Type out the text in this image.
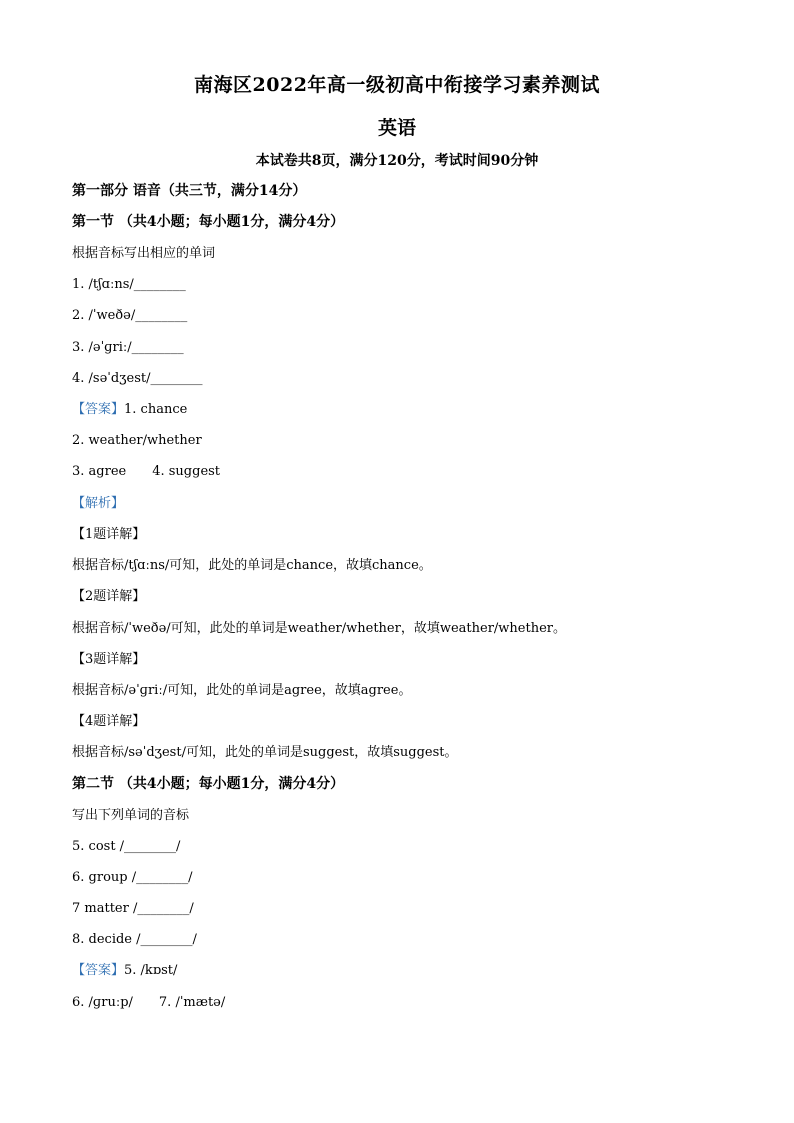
南海区2022年高一级初高中衔接学习素养测试
英语
本试卷共8页，满分120分，考试时间90分钟
第一部分 语音（共三节，满分14分）
第一节 （共4小题；每小题1分，满分4分）
根据音标写出相应的单词
1. /tʃɑːns/________
2. /ˈweðə/________
3. /əˈɡriː/________
4. /səˈdʒest/________
【答案】1. chance
2. weather/whether
3. agree 4. suggest
【解析】
【1题详解】
根据音标/tʃɑːns/可知，此处的单词是chance，故填chance。
【2题详解】
根据音标/ˈweðə/可知，此处的单词是weather/whether，故填weather/whether。
【3题详解】
根据音标/əˈɡriː/可知，此处的单词是agree，故填agree。
【4题详解】
根据音标/səˈdʒest/可知，此处的单词是suggest，故填suggest。
第二节 （共4小题；每小题1分，满分4分）
写出下列单词的音标
5. cost /________/
6. group /________/
7 matter /________/
8. decide /________/
【答案】5. /kɒst/
6. /ɡruːp/ 7. /ˈmætə/
